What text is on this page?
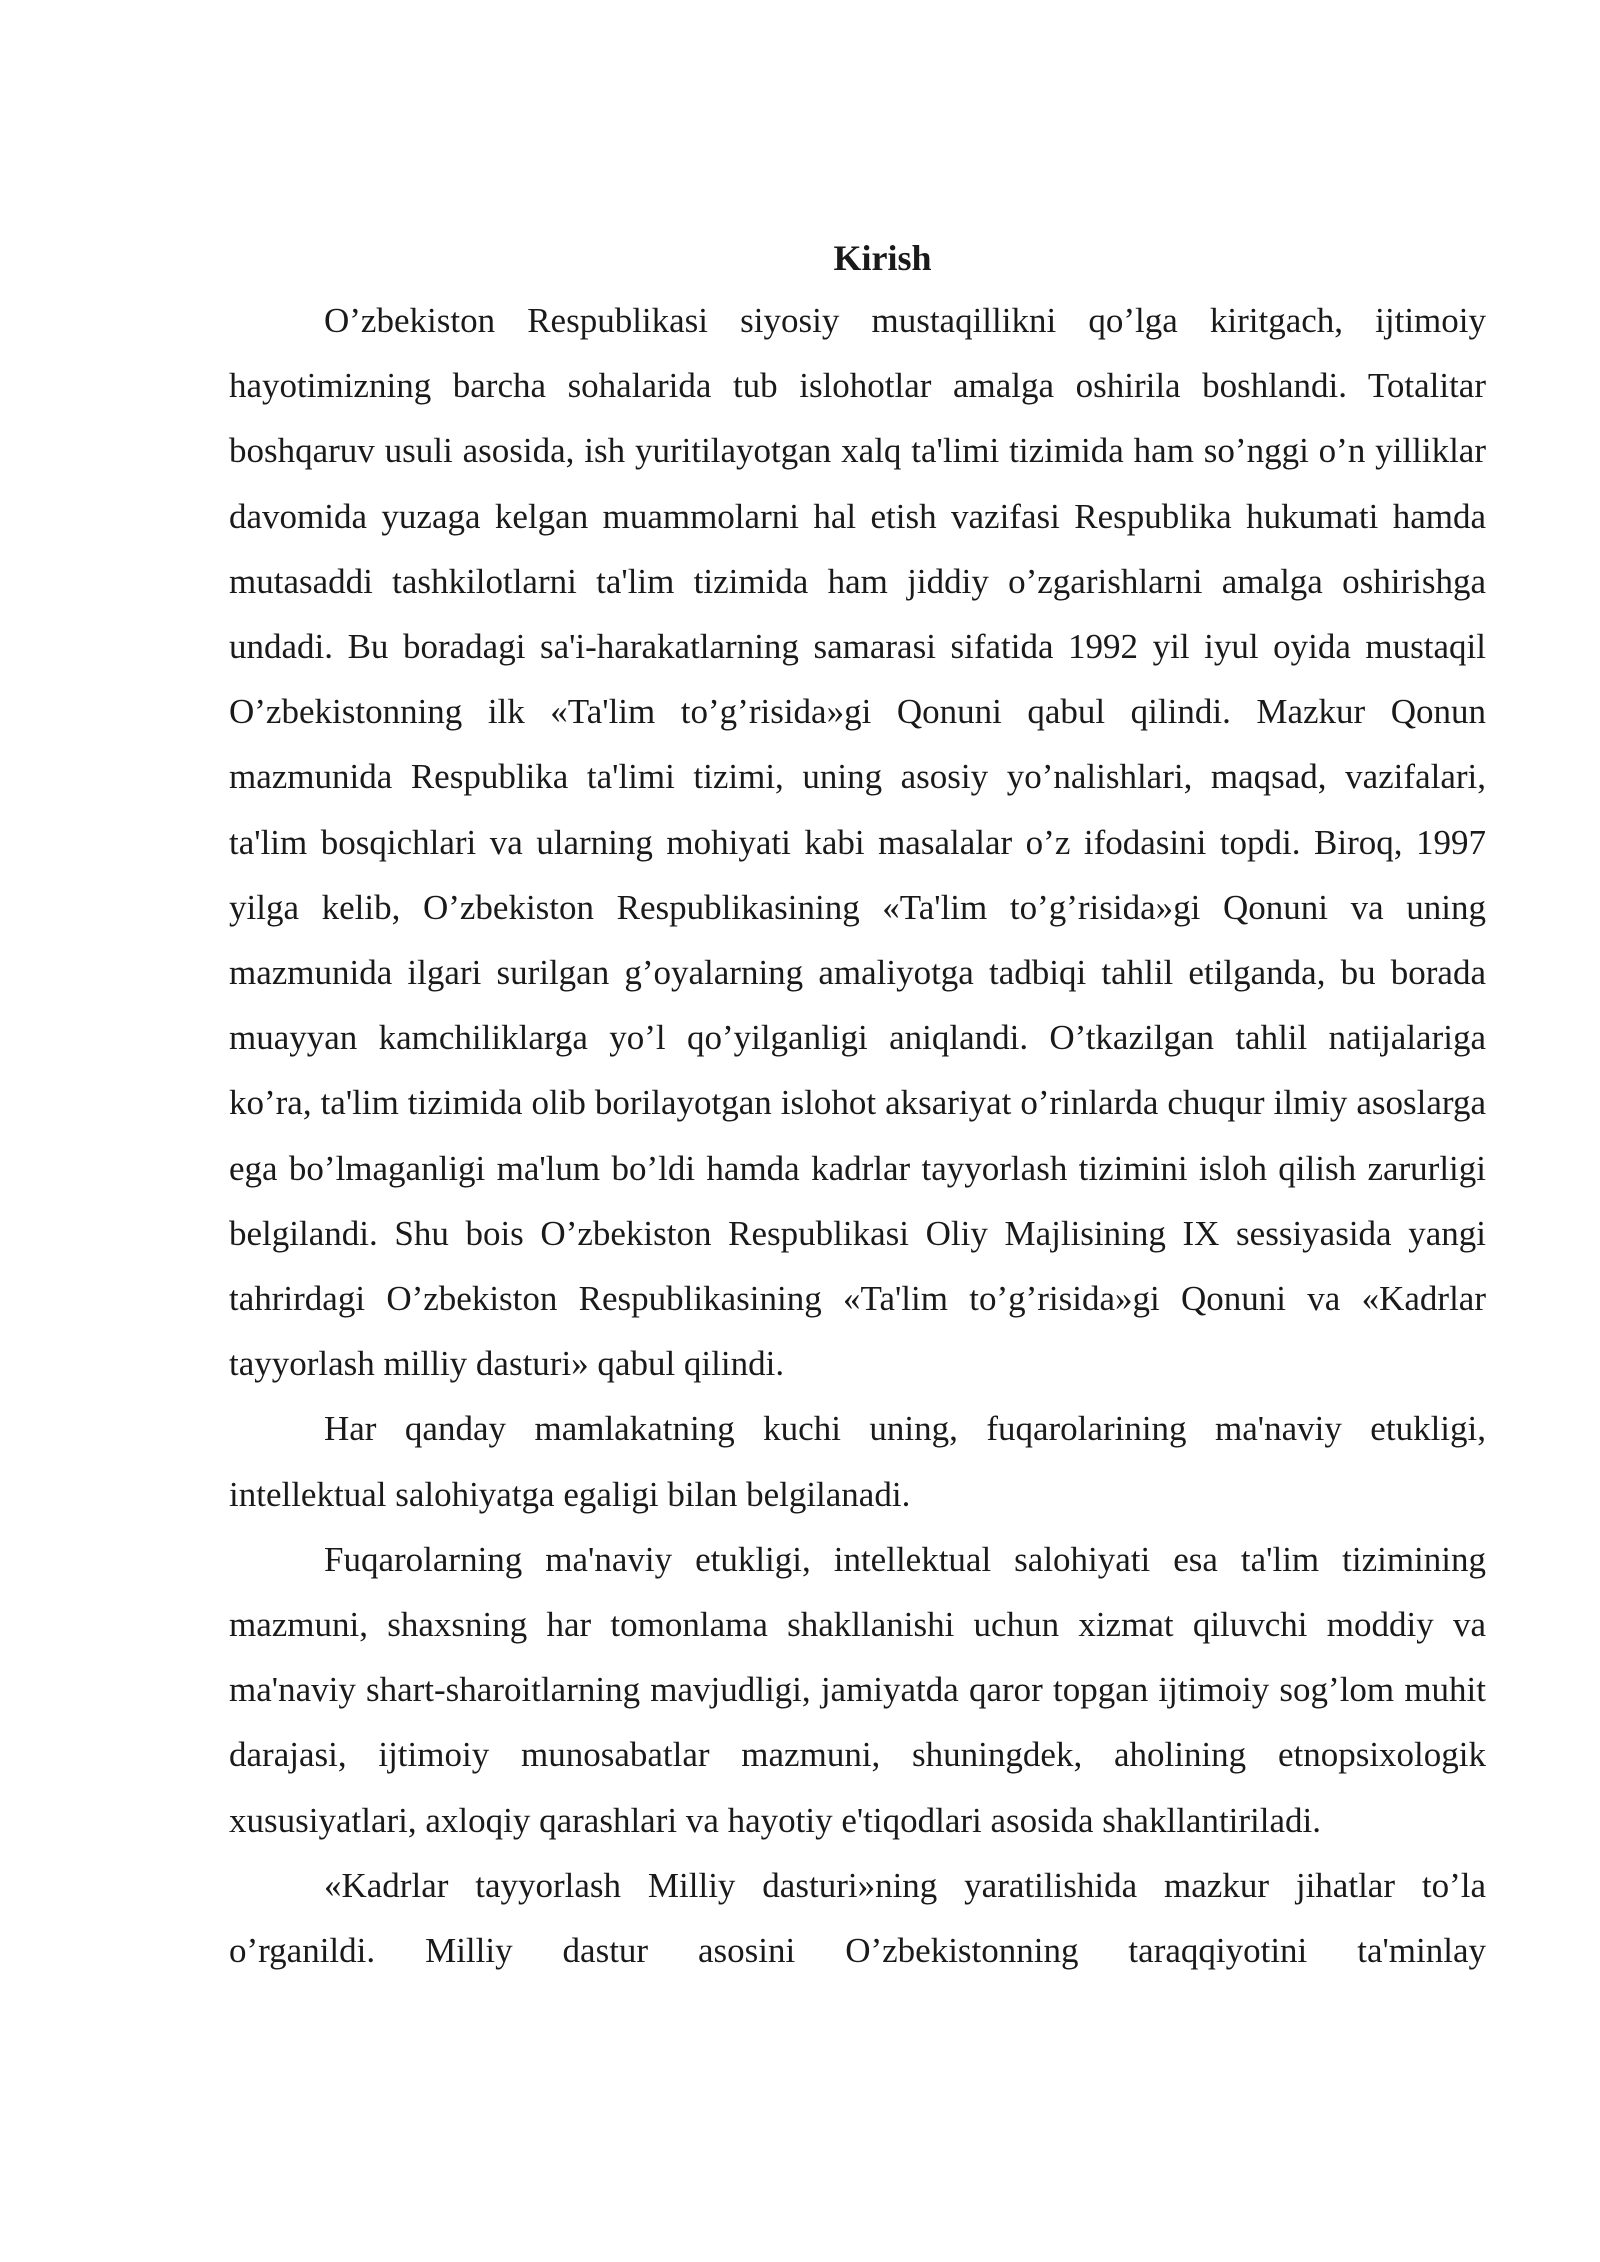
Kirish

O’zbekiston Respublikasi siyosiy mustaqillikni qo’lga kiritgach, ijtimoiy hayotimizning barcha sohalarida tub islohotlar amalga oshirila boshlandi. Totalitar boshqaruv usuli asosida, ish yuritilayotgan xalq ta'limi tizimida ham so’nggi o’n yilliklar davomida yuzaga kelgan muammolarni hal etish vazifasi Respublika hukumati hamda mutasaddi tashkilotlarni ta'lim tizimida ham jiddiy o’zgarishlarni amalga oshirishga undadi. Bu boradagi sa'i-harakatlarning samarasi sifatida 1992 yil iyul oyida mustaqil O’zbekistonning ilk «Ta'lim to’g’risida»gi Qonuni qabul qilindi. Mazkur Qonun mazmunida Respublika ta'limi tizimi, uning asosiy yo’nalishlari, maqsad, vazifalari, ta'lim bosqichlari va ularning mohiyati kabi masalalar o’z ifodasini topdi. Biroq, 1997 yilga kelib, O’zbekiston Respublikasining «Ta'lim to’g’risida»gi Qonuni va uning mazmunida ilgari surilgan g’oyalarning amaliyotga tadbiqi tahlil etilganda, bu borada muayyan kamchiliklarga yo’l qo’yilganligi aniqlandi. O’tkazilgan tahlil natijalariga ko’ra, ta'lim tizimida olib borilayotgan islohot aksariyat o’rinlarda chuqur ilmiy asoslarga ega bo’lmaganligi ma'lum bo’ldi hamda kadrlar tayyorlash tizimini isloh qilish zarurligi belgilandi. Shu bois O’zbekiston Respublikasi Oliy Majlisining IX sessiyasida yangi tahrirdagi O’zbekiston Respublikasining «Ta'lim to’g’risida»gi Qonuni va «Kadrlar tayyorlash milliy dasturi» qabul qilindi.

Har qanday mamlakatning kuchi uning, fuqarolarining ma'naviy etukligi, intellektual salohiyatga egaligi bilan belgilanadi.

Fuqarolarning ma'naviy etukligi, intellektual salohiyati esa ta'lim tizimining mazmuni, shaxsning har tomonlama shakllanishi uchun xizmat qiluvchi moddiy va ma'naviy shart-sharoitlarning mavjudligi, jamiyatda qaror topgan ijtimoiy sog’lom muhit darajasi, ijtimoiy munosabatlar mazmuni, shuningdek, aholining etnopsixologik xususiyatlari, axloqiy qarashlari va hayotiy e'tiqodlari asosida shakllantiriladi.

«Kadrlar tayyorlash Milliy dasturi»ning yaratilishida mazkur jihatlar to’la o’rganildi. Milliy dastur asosini O’zbekistonning taraqqiyotini ta'minlay
